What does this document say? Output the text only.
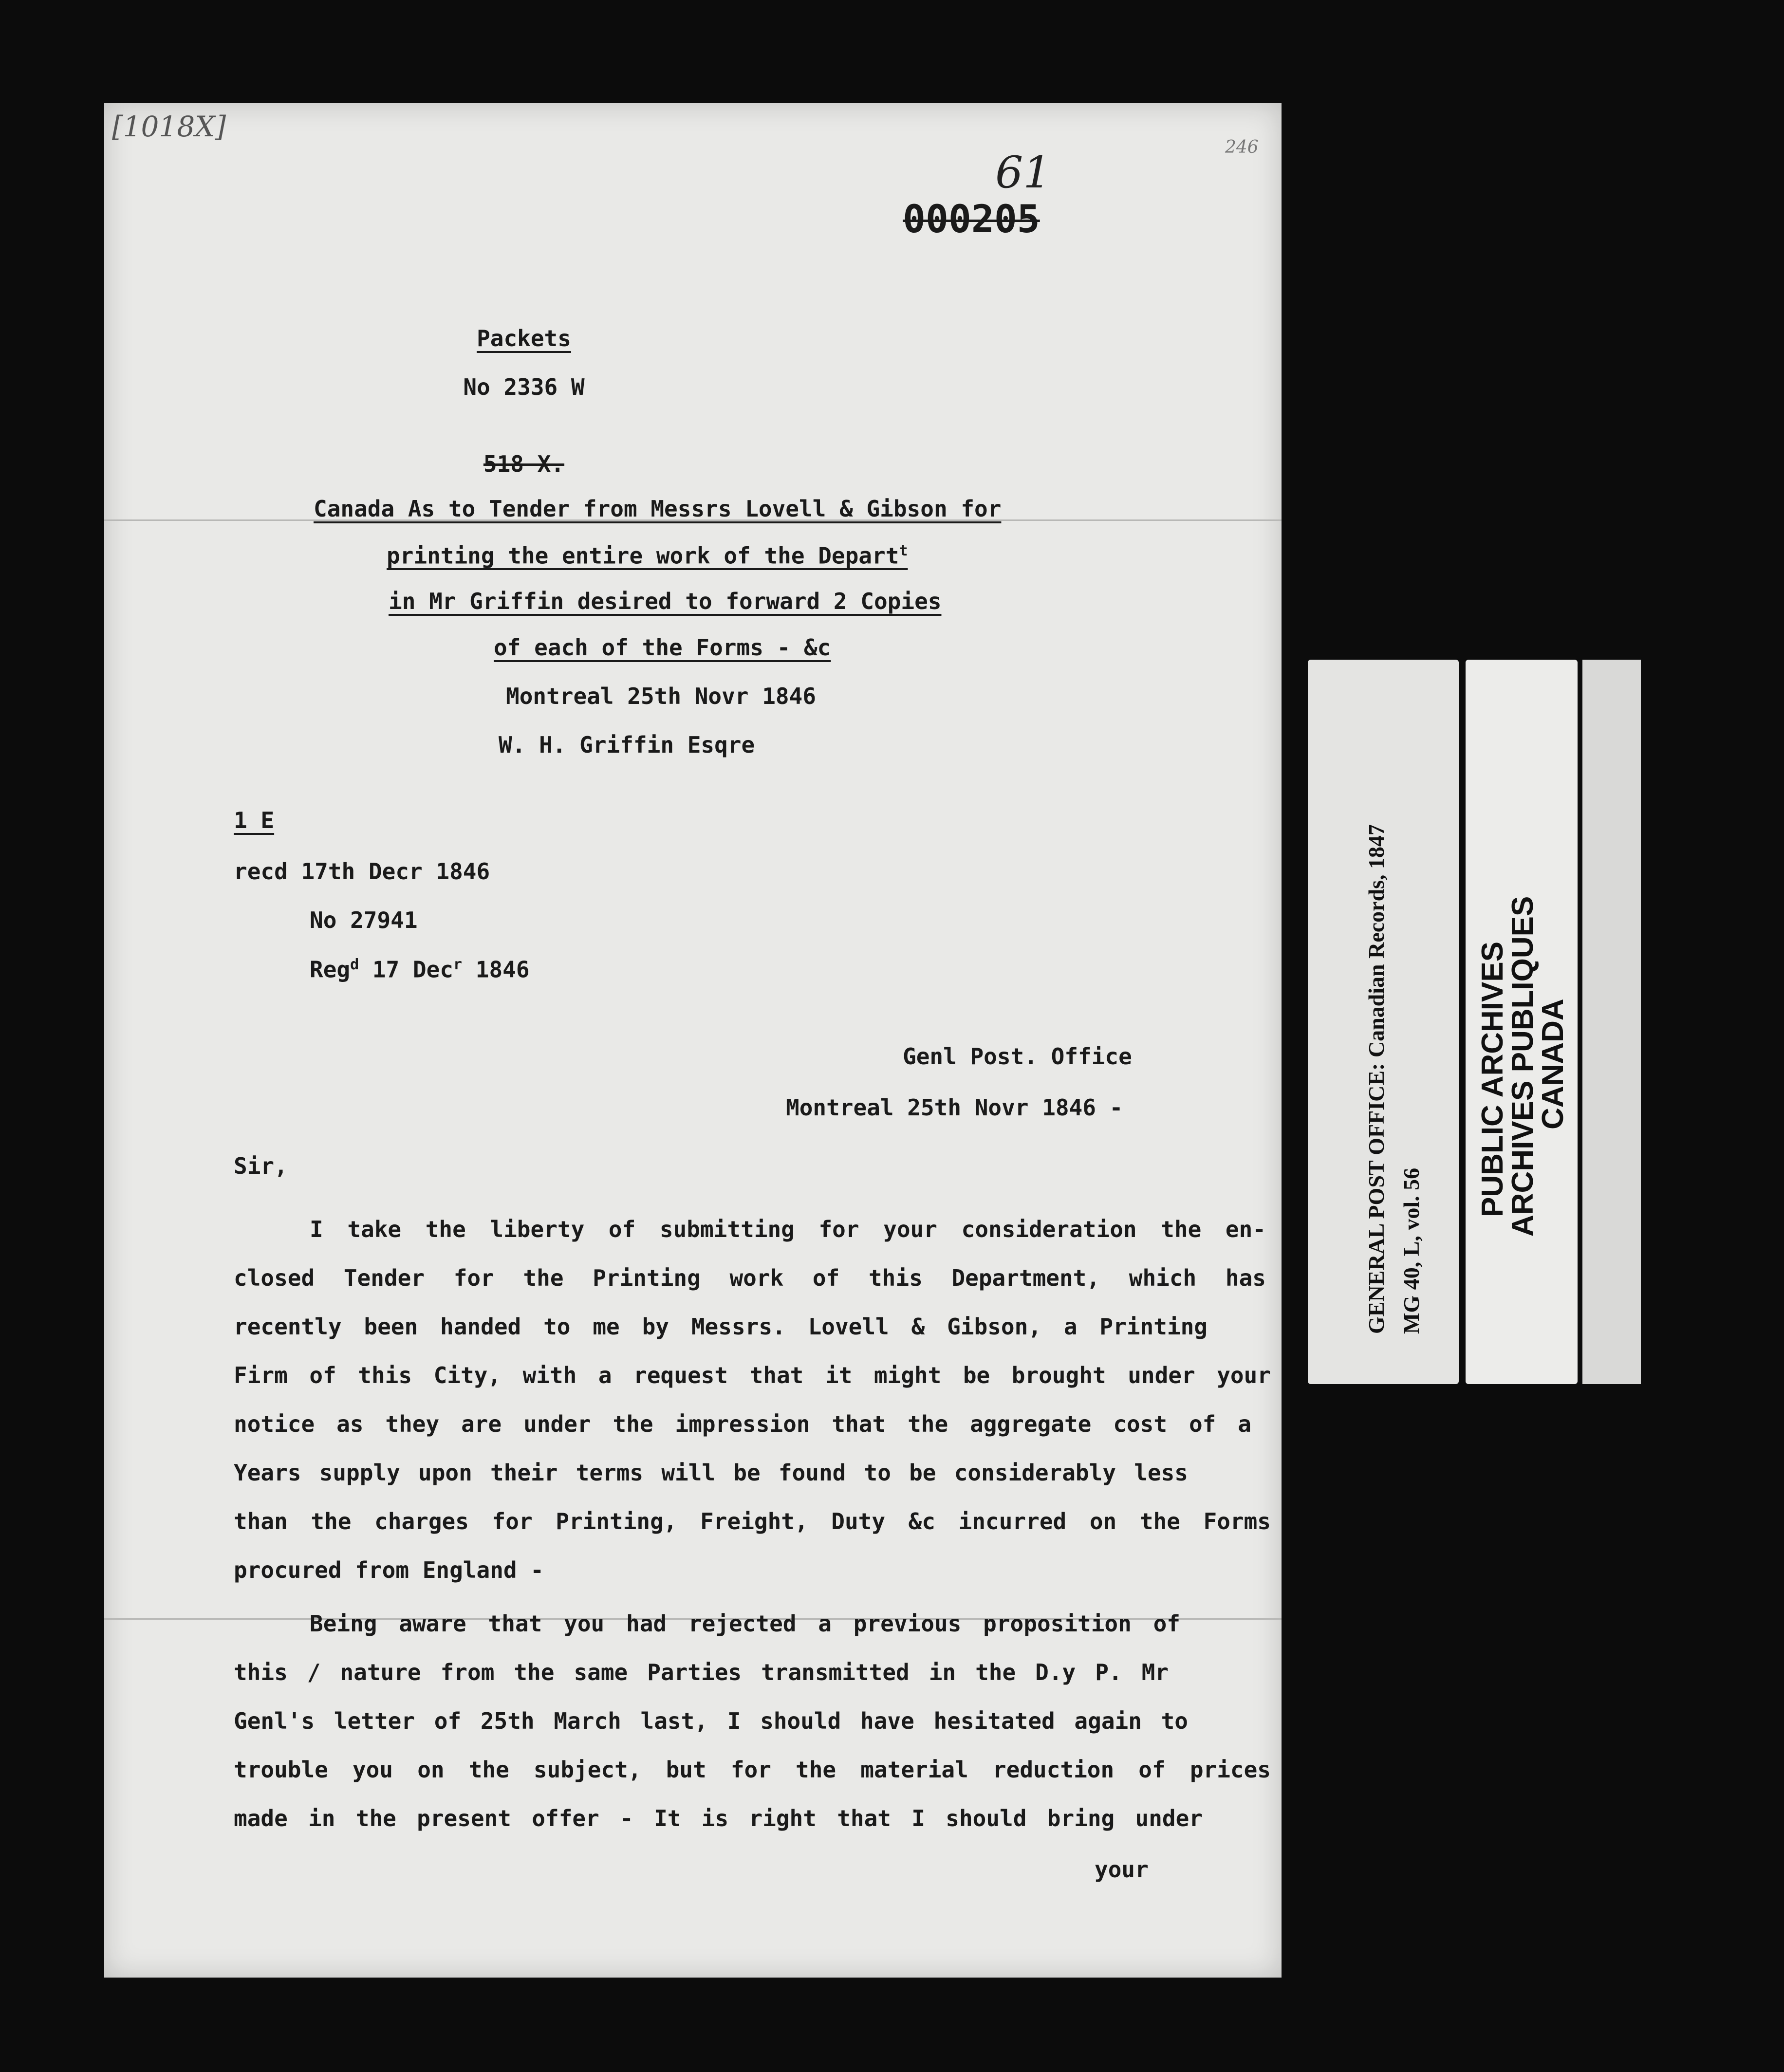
[1018X]
246
61
000205
Packets
No 2336 W
518 X.
Canada As to Tender from Messrs Lovell & Gibson for
printing the entire work of the Depart$^t$
in Mr Griffin desired to forward 2 Copies
of each of the Forms - &c
Montreal 25th Novr 1846
W. H. Griffin Esqre
1 E
recd 17th Decr 1846
No 27941
Reg$^d$ 17 Dec$^r$ 1846
Genl Post. Office
Montreal 25th Novr 1846 -
Sir,
I take the liberty of submitting for your consideration the en-
closed Tender for the Printing work of this Department, which has
recently been handed to me by Messrs. Lovell & Gibson, a Printing
Firm of this City, with a request that it might be brought under your
notice as they are under the impression that the aggregate cost of a
Years supply upon their terms will be found to be considerably less
than the charges for Printing, Freight, Duty &c incurred on the Forms
procured from England -
Being aware that you had rejected a previous proposition of
this / nature from the same Parties transmitted in the D.y P. Mr
Genl's letter of 25th March last, I should have hesitated again to
trouble you on the subject, but for the material reduction of prices
made in the present offer - It is right that I should bring under
your
GENERAL POST OFFICE: Canadian Records, 1847 MG 40, L, vol. 56
PUBLIC ARCHIVES
ARCHIVES PUBLIQUES
CANADA
